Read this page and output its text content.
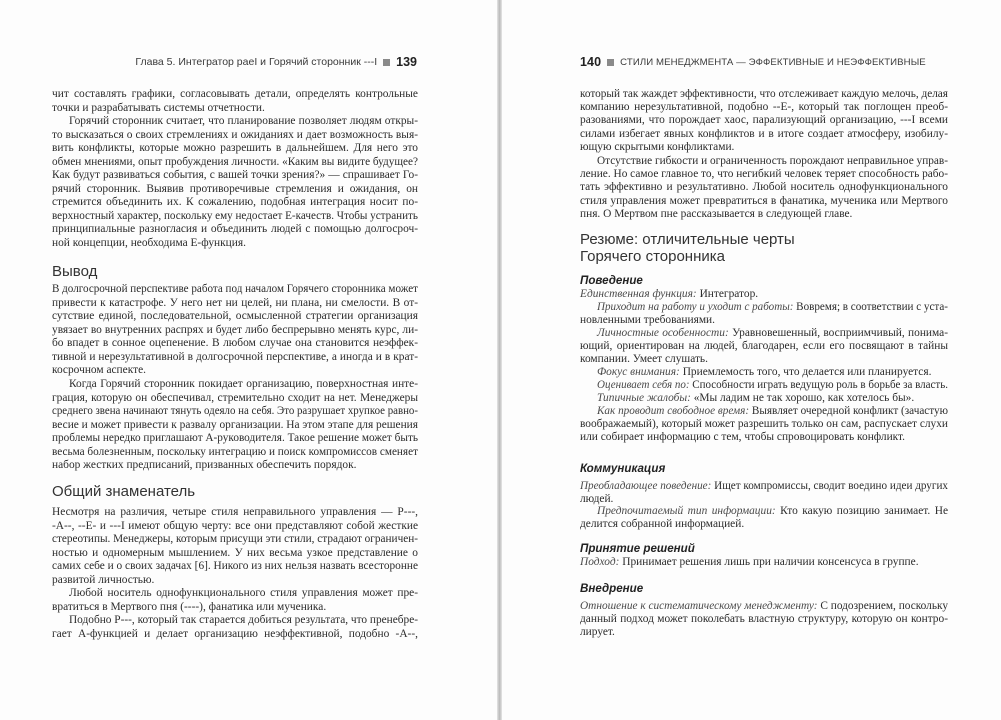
Глава 5. Интегратор paeI и Горячий сторонник ---I 139
чит составлять графики, согласовывать детали, определять контрольные
точки и разрабатывать системы отчетности.
Горячий сторонник считает, что планирование позволяет людям откры-
то высказаться о своих стремлениях и ожиданиях и дает возможность выя-
вить конфликты, которые можно разрешить в дальнейшем. Для него это
обмен мнениями, опыт пробуждения личности. «Каким вы видите будущее?
Как будут развиваться события, с вашей точки зрения?» — спрашивает Го-
рячий сторонник. Выявив противоречивые стремления и ожидания, он
стремится объединить их. К сожалению, подобная интеграция носит по-
верхностный характер, поскольку ему недостает E-качеств. Чтобы устранить
принципиальные разногласия и объединить людей с помощью долгосроч-
ной концепции, необходима E-функция.
Вывод
В долгосрочной перспективе работа под началом Горячего сторонника может
привести к катастрофе. У него нет ни целей, ни плана, ни смелости. В от-
сутствие единой, последовательной, осмысленной стратегии организация
увязает во внутренних распрях и будет либо беспрерывно менять курс, ли-
бо впадет в сонное оцепенение. В любом случае она становится неэффек-
тивной и нерезультативной в долгосрочной перспективе, а иногда и в крат-
косрочном аспекте.
Когда Горячий сторонник покидает организацию, поверхностная инте-
грация, которую он обеспечивал, стремительно сходит на нет. Менеджеры
среднего звена начинают тянуть одеяло на себя. Это разрушает хрупкое равно-
весие и может привести к развалу организации. На этом этапе для решения
проблемы нередко приглашают A-руководителя. Такое решение может быть
весьма болезненным, поскольку интеграцию и поиск компромиссов сменяет
набор жестких предписаний, призванных обеспечить порядок.
Общий знаменатель
Несмотря на различия, четыре стиля неправильного управления — P---,
-A--, --E- и ---I имеют общую черту: все они представляют собой жесткие
стереотипы. Менеджеры, которым присущи эти стили, страдают ограничен-
ностью и одномерным мышлением. У них весьма узкое представление о
самих себе и о своих задачах [6]. Никого из них нельзя назвать всесторонне
развитой личностью.
Любой носитель однофункционального стиля управления может пре-
вратиться в Мертвого пня (----), фанатика или мученика.
Подобно P---, который так старается добиться результата, что пренебре-
гает A-функцией и делает организацию неэффективной, подобно -A--,
140 СТИЛИ МЕНЕДЖМЕНТА — ЭФФЕКТИВНЫЕ И НЕЭФФЕКТИВНЫЕ
который так жаждет эффективности, что отслеживает каждую мелочь, делая
компанию нерезультативной, подобно --E-, который так поглощен преоб-
разованиями, что порождает хаос, парализующий организацию, ---I всеми
силами избегает явных конфликтов и в итоге создает атмосферу, изобилу-
ющую скрытыми конфликтами.
Отсутствие гибкости и ограниченность порождают неправильное управ-
ление. Но самое главное то, что негибкий человек теряет способность рабо-
тать эффективно и результативно. Любой носитель однофункционального
стиля управления может превратиться в фанатика, мученика или Мертвого
пня. О Мертвом пне рассказывается в следующей главе.
Резюме: отличительные черты
Горячего сторонника
Поведение
Единственная функция: Интегратор.
Приходит на работу и уходит с работы: Вовремя; в соответствии с уста-
новленными требованиями.
Личностные особенности: Уравновешенный, восприимчивый, понима-
ющий, ориентирован на людей, благодарен, если его посвящают в тайны
компании. Умеет слушать.
Фокус внимания: Приемлемость того, что делается или планируется.
Оценивает себя по: Способности играть ведущую роль в борьбе за власть.
Типичные жалобы: «Мы ладим не так хорошо, как хотелось бы».
Как проводит свободное время: Выявляет очередной конфликт (зачастую
воображаемый), который может разрешить только он сам, распускает слухи
или собирает информацию с тем, чтобы спровоцировать конфликт.
Коммуникация
Преобладающее поведение: Ищет компромиссы, сводит воедино идеи других
людей.
Предпочитаемый тип информации: Кто какую позицию занимает. Не
делится собранной информацией.
Принятие решений
Подход: Принимает решения лишь при наличии консенсуса в группе.
Внедрение
Отношение к систематическому менеджменту: С подозрением, поскольку
данный подход может поколебать властную структуру, которую он контро-
лирует.
